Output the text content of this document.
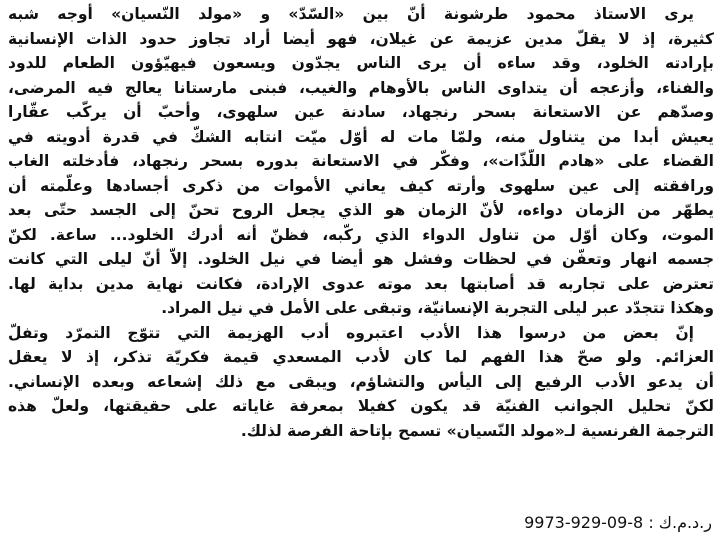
يرى الاستاذ محمود طرشونة أنّ بين «السّدّ» و «مولد النّسيان» أوجه شبه
كثيرة، إذ لا يقلّ مدين عزيمة عن غيلان، فهو أيضا أراد تجاوز حدود الذات الإنسانية
بإرادته الخلود، وقد ساءه أن يرى الناس يجدّون ويسعون فيهيّؤون الطعام للدود
والفناء، وأزعجه أن يتداوى الناس بالأوهام والغيب، فبنى مارستانا يعالج فيه المرضى،
وصدّهم عن الاستعانة بسحر رنجهاد، سادنة عين سلهوى، وأحبّ أن يركّب عقّارا
يعيش أبدا من يتناول منه، ولمّا مات له أوّل ميّت انتابه الشكّ في قدرة أدويته في
القضاء على «هادم اللّذّات»، وفكّر في الاستعانة بدوره بسحر رنجهاد، فأدخلته الغاب
ورافقته إلى عين سلهوى وأرته كيف يعاني الأموات من ذكرى أجسادها وعلّمته أن
يطهّر من الزمان دواءه، لأنّ الزمان هو الذي يجعل الروح تحنّ إلى الجسد حتّى بعد
الموت، وكان أوّل من تناول الدواء الذي ركّبه، فظنّ أنه أدرك الخلود... ساعة. لكنّ
جسمه انهار وتعفّن في لحظات وفشل هو أيضا في نيل الخلود. إلاّ أنّ ليلى التي كانت
تعترض على تجاربه قد أصابتها بعد موته عدوى الإرادة، فكانت نهاية مدين بداية لها.
وهكذا تتجدّد عبر ليلى التجربة الإنسانيّة، وتبقى على الأمل في نيل المراد.
إنّ بعض من درسوا هذا الأدب اعتبروه أدب الهزيمة التي تتوّج التمرّد وتفلّ
العزائم. ولو صحّ هذا الفهم لما كان لأدب المسعدي قيمة فكريّة تذكر، إذ لا يعقل
أن يدعو الأدب الرفيع إلى اليأس والتشاؤم، ويبقى مع ذلك إشعاعه وبعده الإنساني.
لكنّ تحليل الجوانب الفنيّة قد يكون كفيلا بمعرفة غاياته على حقيقتها، ولعلّ هذه
الترجمة الفرنسية لـ«مولد النّسيان» تسمح بإتاحة الفرصة لذلك.
ر.د.م.ك : 9973-929-09-8
